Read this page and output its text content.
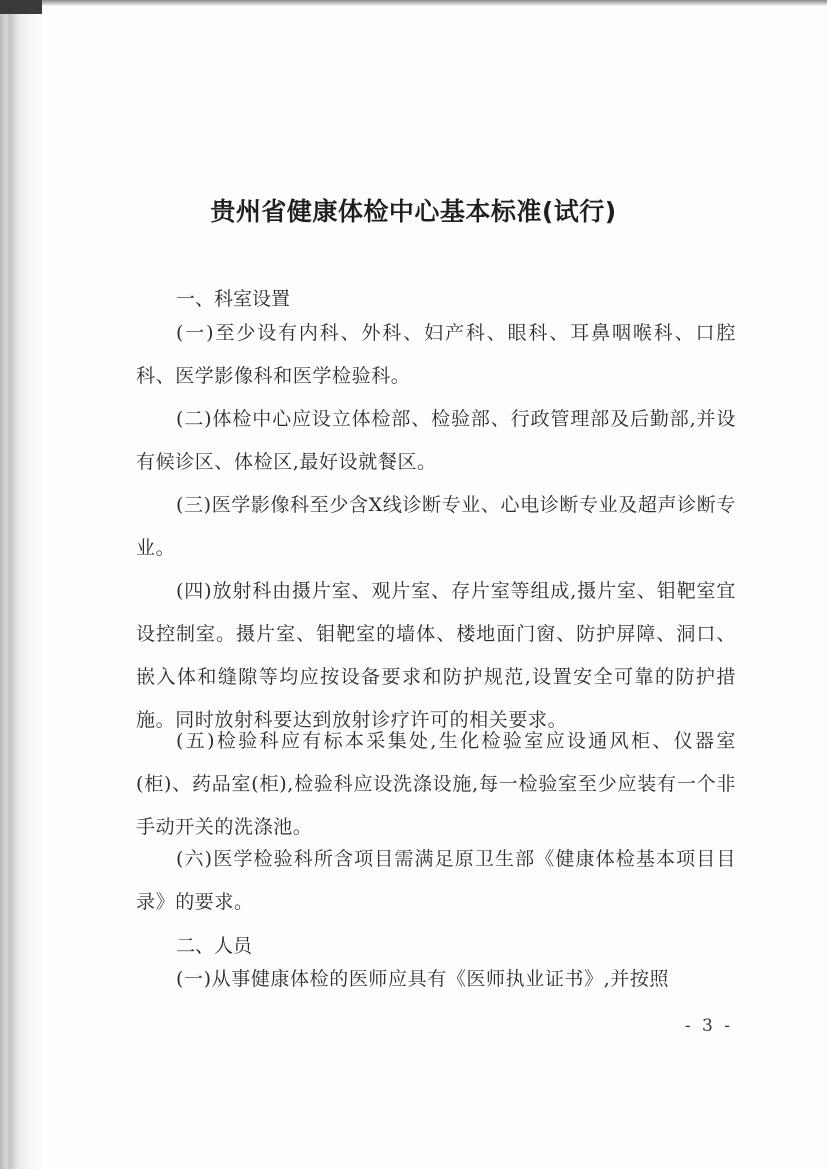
贵州省健康体检中心基本标准(试行)
一、科室设置
(一)至少设有内科、外科、妇产科、眼科、耳鼻咽喉科、口腔科、医学影像科和医学检验科。
(二)体检中心应设立体检部、检验部、行政管理部及后勤部,并设有候诊区、体检区,最好设就餐区。
(三)医学影像科至少含X线诊断专业、心电诊断专业及超声诊断专业。
(四)放射科由摄片室、观片室、存片室等组成,摄片室、钼靶室宜设控制室。摄片室、钼靶室的墙体、楼地面门窗、防护屏障、洞口、嵌入体和缝隙等均应按设备要求和防护规范,设置安全可靠的防护措施。同时放射科要达到放射诊疗许可的相关要求。
(五)检验科应有标本采集处,生化检验室应设通风柜、仪器室(柜)、药品室(柜),检验科应设洗涤设施,每一检验室至少应装有一个非手动开关的洗涤池。
(六)医学检验科所含项目需满足原卫生部《健康体检基本项目目录》的要求。
二、人员
(一)从事健康体检的医师应具有《医师执业证书》,并按照
- 3 -
